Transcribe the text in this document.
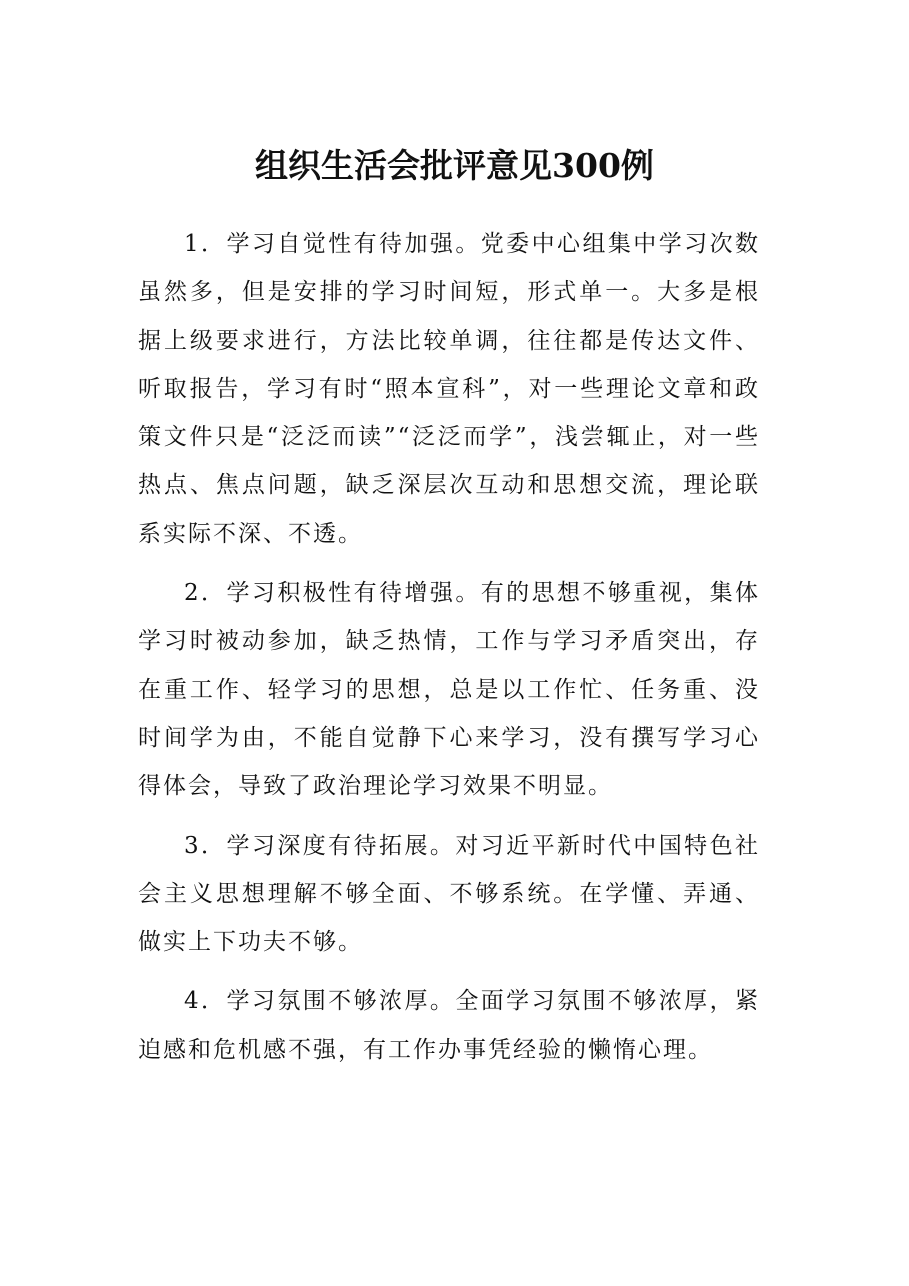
组织生活会批评意见300例

1．学习自觉性有待加强。党委中心组集中学习次数虽然多，但是安排的学习时间短，形式单一。大多是根据上级要求进行，方法比较单调，往往都是传达文件、听取报告，学习有时“照本宣科”，对一些理论文章和政策文件只是“泛泛而读”“泛泛而学”，浅尝辄止，对一些热点、焦点问题，缺乏深层次互动和思想交流，理论联系实际不深、不透。

2．学习积极性有待增强。有的思想不够重视，集体学习时被动参加，缺乏热情，工作与学习矛盾突出，存在重工作、轻学习的思想，总是以工作忙、任务重、没时间学为由，不能自觉静下心来学习，没有撰写学习心得体会，导致了政治理论学习效果不明显。

3．学习深度有待拓展。对习近平新时代中国特色社会主义思想理解不够全面、不够系统。在学懂、弄通、做实上下功夫不够。

4．学习氛围不够浓厚。全面学习氛围不够浓厚，紧迫感和危机感不强，有工作办事凭经验的懒惰心理。
